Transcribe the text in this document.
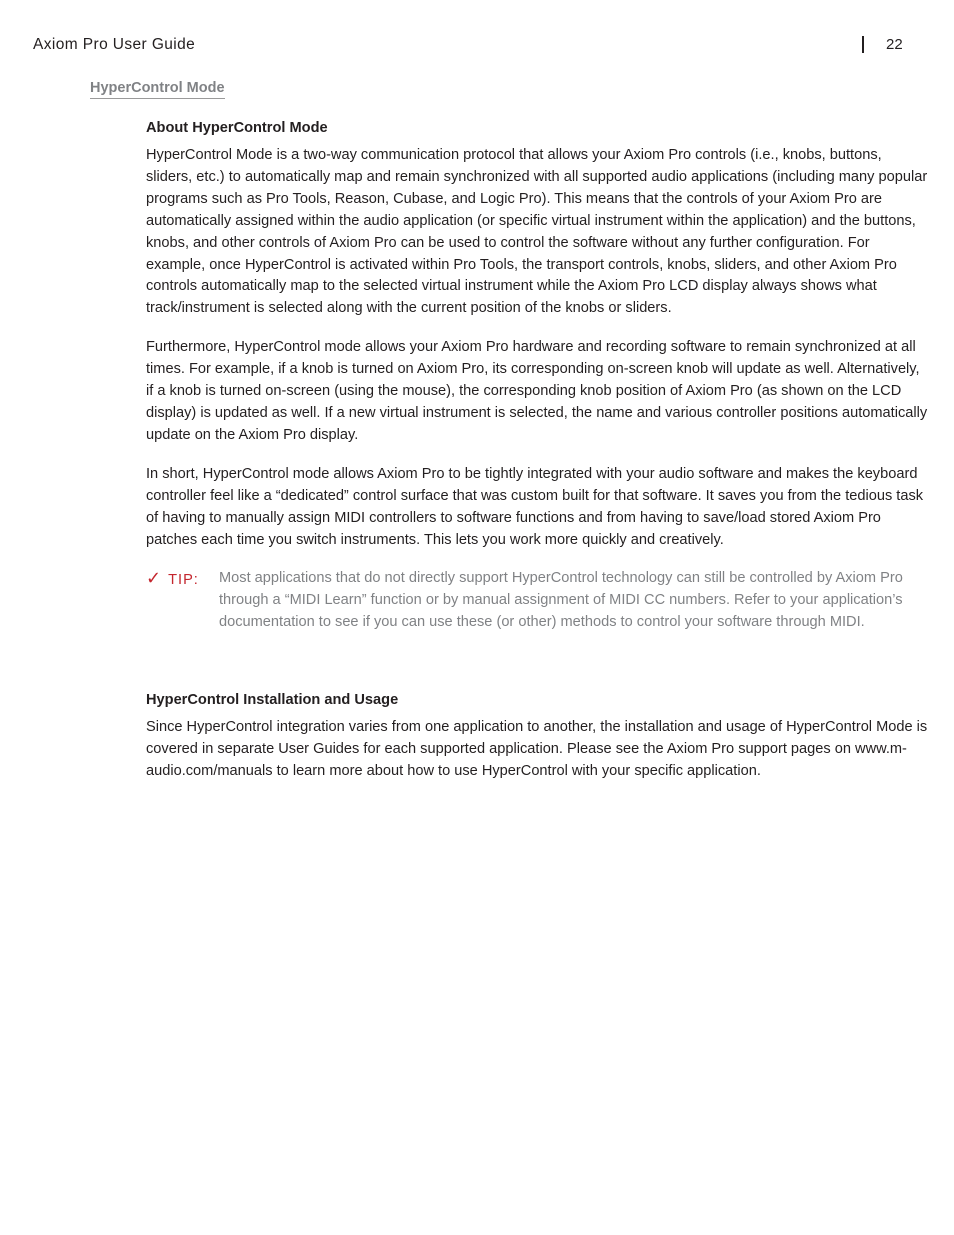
Axiom Pro User Guide	22
HyperControl Mode
About HyperControl Mode

HyperControl Mode is a two-way communication protocol that allows your Axiom Pro controls (i.e., knobs, buttons, sliders, etc.) to automatically map and remain synchronized with all supported audio applications (including many popular programs such as Pro Tools, Reason, Cubase, and Logic Pro). This means that the controls of your Axiom Pro are automatically assigned within the audio application (or specific virtual instrument within the application) and the buttons, knobs, and other controls of Axiom Pro can be used to control the software without any further configuration. For example, once HyperControl is activated within Pro Tools, the transport controls, knobs, sliders, and other Axiom Pro controls automatically map to the selected virtual instrument while the Axiom Pro LCD display always shows what track/instrument is selected along with the current position of the knobs or sliders.

Furthermore, HyperControl mode allows your Axiom Pro hardware and recording software to remain synchronized at all times. For example, if a knob is turned on Axiom Pro, its corresponding on-screen knob will update as well. Alternatively, if a knob is turned on-screen (using the mouse), the corresponding knob position of Axiom Pro (as shown on the LCD display) is updated as well. If a new virtual instrument is selected, the name and various controller positions automatically update on the Axiom Pro display.

In short, HyperControl mode allows Axiom Pro to be tightly integrated with your audio software and makes the keyboard controller feel like a “dedicated” control surface that was custom built for that software. It saves you from the tedious task of having to manually assign MIDI controllers to software functions and from having to save/load stored Axiom Pro patches each time you switch instruments. This lets you work more quickly and creatively.

✓ TIP: Most applications that do not directly support HyperControl technology can still be controlled by Axiom Pro through a “MIDI Learn” function or by manual assignment of MIDI CC numbers. Refer to your application’s documentation to see if you can use these (or other) methods to control your software through MIDI.
HyperControl Installation and Usage

Since HyperControl integration varies from one application to another, the installation and usage of HyperControl Mode is covered in separate User Guides for each supported application. Please see the Axiom Pro support pages on www.m-audio.com/manuals to learn more about how to use HyperControl with your specific application.
